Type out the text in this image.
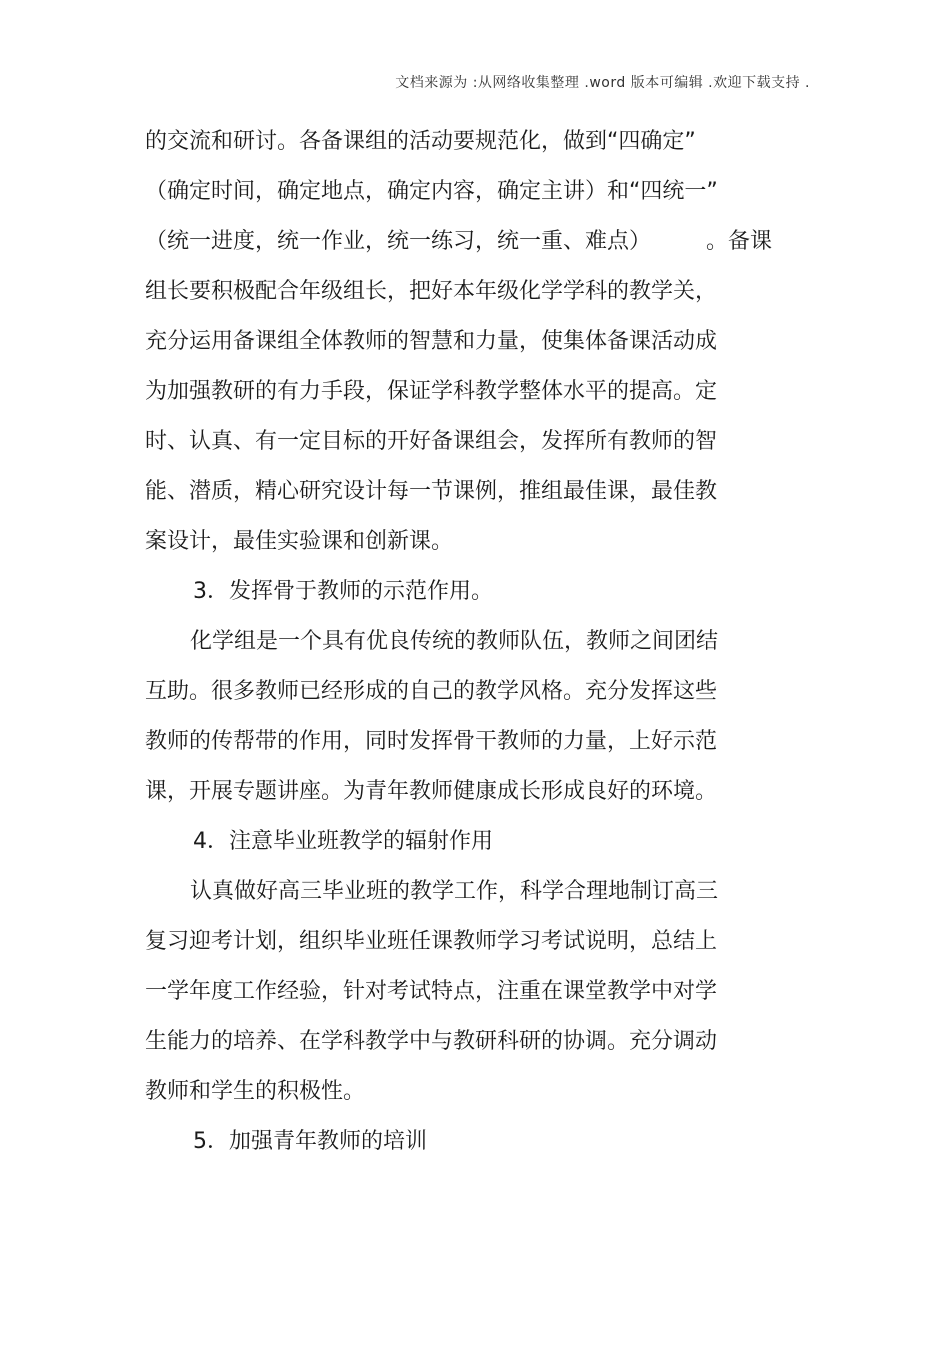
文档来源为 :从网络收集整理 .word 版本可编辑 .欢迎下载支持 .
的交流和研讨。各备课组的活动要规范化，做到“四确定”
（确定时间，确定地点，确定内容，确定主讲）和“四统一”
（统一进度，统一作业，统一练习，统一重、难点）　　　。备课
组长要积极配合年级组长，把好本年级化学学科的教学关，
充分运用备课组全体教师的智慧和力量，使集体备课活动成
为加强教研的有力手段，保证学科教学整体水平的提高。定
时、认真、有一定目标的开好备课组会，发挥所有教师的智
能、潜质，精心研究设计每一节课例，推组最佳课，最佳教
案设计，最佳实验课和创新课。
3．发挥骨于教师的示范作用。
化学组是一个具有优良传统的教师队伍，教师之间团结
互助。很多教师已经形成的自己的教学风格。充分发挥这些
教师的传帮带的作用，同时发挥骨干教师的力量，上好示范
课，开展专题讲座。为青年教师健康成长形成良好的环境。
4．注意毕业班教学的辐射作用
认真做好高三毕业班的教学工作，科学合理地制订高三
复习迎考计划，组织毕业班任课教师学习考试说明，总结上
一学年度工作经验，针对考试特点，注重在课堂教学中对学
生能力的培养、在学科教学中与教研科研的协调。充分调动
教师和学生的积极性。
5．加强青年教师的培训
